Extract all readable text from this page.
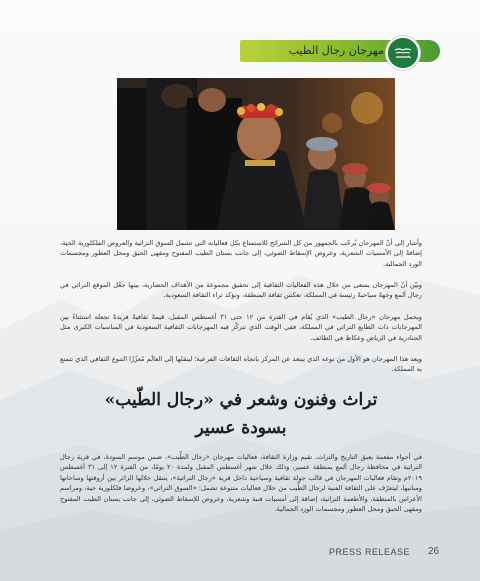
مهرجان رجال الطيب
وأشار إلى أنّ المهرجان يُرحّب بالجمهور من كل الشرائح للاستمتاع بكل فعالياته التي تشمل السوق التراثية والعروض الفلكلورية الحية، إضافةً إلى الأمسيات الشعرية، وعروض الإسقاط الضوئي، إلى جانب بستان الطيب المفتوح ومقهى الحبق ومحل العطور ومجسمات الورد الجمالية.
وبيّن أنّ المهرجان يسعى من خلال هذه الفعاليات الثقافية إلى تحقيق مجموعة من الأهداف الحضارية، بينها جعْل الموقع التراثي في رجال ألمع وجهةً سياحيةً رئيسة في المملكة، تعكس ثقافة المنطقة، وتؤكد ثراء الثقافة السعودية.
ويحمل مهرجان «رجال الطيب» الذي يُقام في الفترة من ١٢ حتى ٣١ أغسطس المقبل، قيمةً ثقافيةً فريدةً تجعله استثناءً بين المهرجانات ذات الطابع التراثي في المملكة، ففي الوقت الذي تتركّز فيه المهرجانات الثقافية السعودية في المناسبات الكبرى مثل الجنادرية في الرياض وعكاظ في الطائف.
ويعد هذا المهرجان هو الأول من نوعه الذي يبتعد عن المركز باتجاه الثقافات الفرعية؛ لينقلها إلى العالَم مُعزّزًا التنوع الثقافي الذي تتمتع به المملكة.
تراث وفنون وشعر في «رجال الطّيب»
بسودة عسير
في أجواء مفعمة بعبق التاريخ والتراث، تقيم وزارة الثقافة، فعاليات مهرجان «رجال الطِّيب»، ضمن موسم السودة، في قرية رجال التراثية في محافظة رجال ألمع بمنطقة عسير، وذلك خلال شهر أغسطس المقبل ولمدة ٢٠ يومًا، من الفترة ١٢ إلى ٣١ أغسطس ٢٠١٩م وتقام فعاليات المهرجان في قالب جولة ثقافية وسياحية داخل قرية «رجال التراثية»، يتنقل خلالها الزائر بين أروقتها وساحاتها ومبانيها، ليتعرّف على الثقافة الفنية لرجال الطِّيب من خلال فعاليات متنوعة تشمل: «السوق التراثي»، وعروضا فلكلورية حية، ومراسم الأعراس بالمنطقة، والأطعمة التراثية، إضافة إلى أمسيات فنية وشعرية، وعروض للإسقاط الضوئي، إلى جانب بستان الطيب المفتوح ومقهى الحبق ومحل العطور ومجسمات الورد الجمالية.
PRESS RELEASE 26
